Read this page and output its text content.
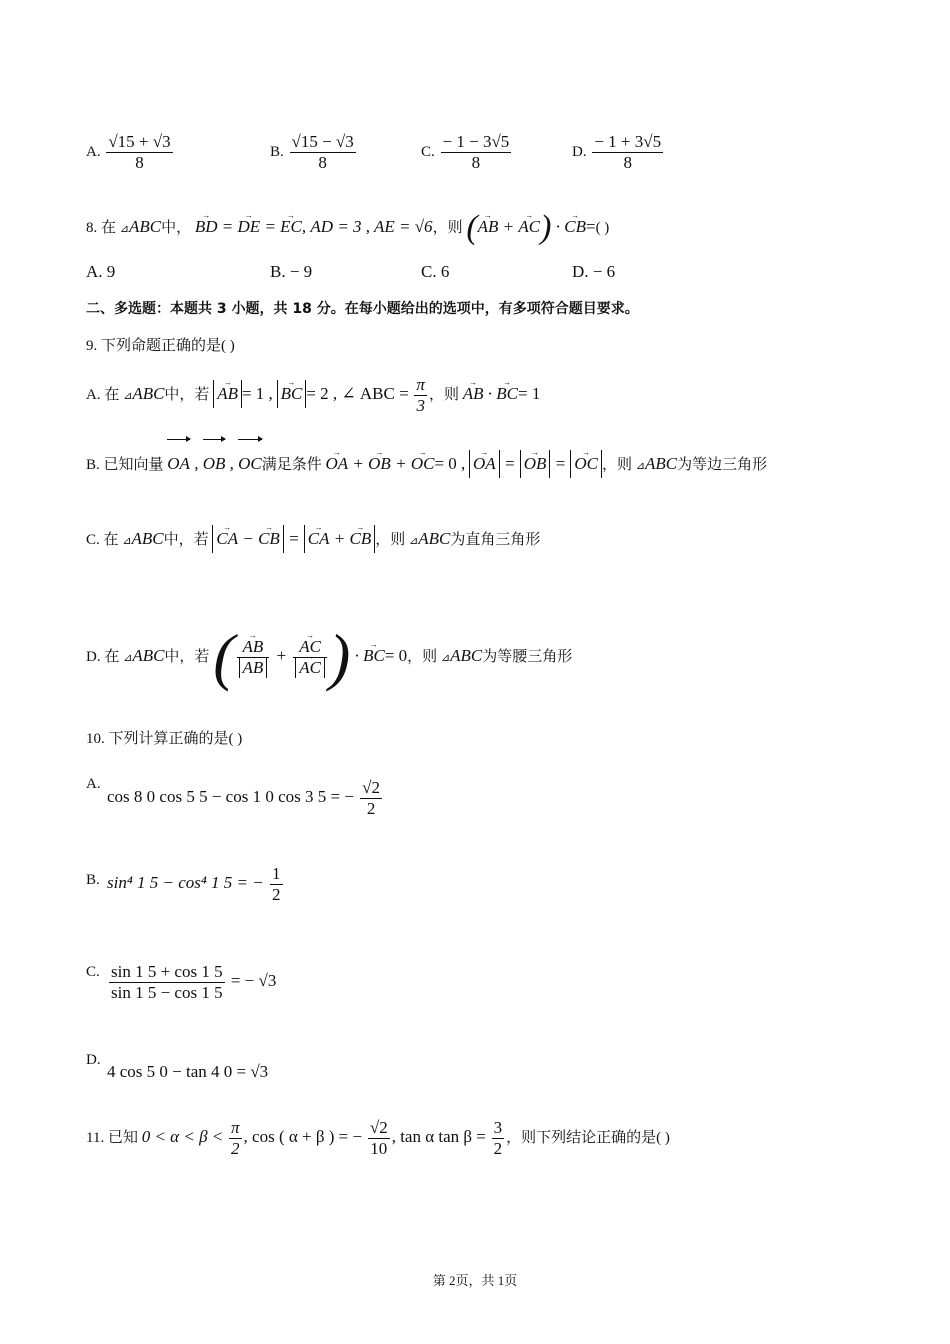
A. $\frac{√15 + √3}{8}$	B. $\frac{√15 - √3}{8}$	C. $\frac{- 1 - 3√5}{8}$	D. $\frac{- 1 + 3√5}{8}$
8. 在 ⊿ABC中， → BD = → DE = → EC, AD = 3 , AE = √6，则 (→ AB + → AC) · → CB=( )
A. 9	B. − 9	C. 6	D. − 6
二、多选题：本题共 3 小题，共 18 分。在每小题给出的选项中，有多项符合题目要求。
9. 下列命题正确的是( )
A. 在 ⊿ABC中，若 → AB = 1 , → BC = 2 , ∠ ABC = $\frac{\pi}{3}$ ，则 → AB · → BC= 1
B. 已知向量 OA , OB , OC满足条件 → OA + → OB + → OC= 0 , → OA = → OB = → OC ，则 ⊿ABC为等边三角形
C. 在 ⊿ABC中，若 → CA − → CB = → CA + → CB ，则 ⊿ABC为直角三角形
D. 在 ⊿ABC中，若 ( → AB
→ AB + → AC
→ AC ) · → BC= 0，则 ⊿ABC为等腰三角形
10. 下列计算正确的是( )
A.
cos 8 0 cos 5 5 − cos 1 0 cos 3 5 = − $\frac{√2}{2}$
B. sin⁴ 1 5 − cos⁴ 1 5 = − $\frac{1}{2}$
C. $\frac{\sin 1 5 + \cos 1 5}{\sin 1 5 - \cos 1 5}$ = − √3
D.
4 cos 5 0 − tan 4 0 = √3
11. 已知 $0 < \alpha < \beta < \frac{\pi}{2}$ , cos ( α + β ) = − $\frac{√2}{10}$ , tan α $\tan \beta = \frac{3}{2}$ ，则下列结论正确的是( )
第 2页，共 1页
